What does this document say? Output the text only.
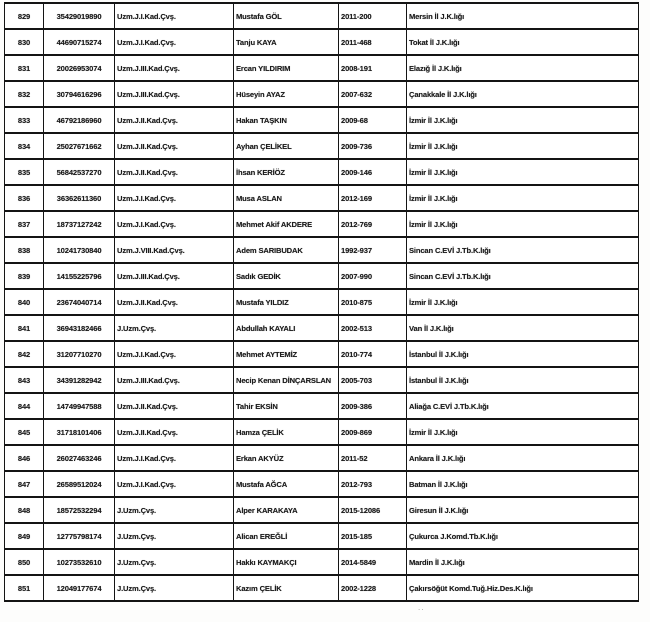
829	35429019890	Uzm.J.I.Kad.Çvş.	Mustafa GÖL	2011-200	Mersin İl J.K.lığı
830	44690715274	Uzm.J.I.Kad.Çvş.	Tanju KAYA	2011-468	Tokat İl J.K.lığı
831	20026953074	Uzm.J.III.Kad.Çvş.	Ercan YILDIRIM	2008-191	Elazığ İl J.K.lığı
832	30794616296	Uzm.J.III.Kad.Çvş.	Hüseyin AYAZ	2007-632	Çanakkale İl J.K.lığı
833	46792186960	Uzm.J.II.Kad.Çvş.	Hakan TAŞKIN	2009-68	İzmir İl J.K.lığı
834	25027671662	Uzm.J.II.Kad.Çvş.	Ayhan ÇELİKEL	2009-736	İzmir İl J.K.lığı
835	56842537270	Uzm.J.II.Kad.Çvş.	İhsan KERİÖZ	2009-146	İzmir İl J.K.lığı
836	36362611360	Uzm.J.I.Kad.Çvş.	Musa ASLAN	2012-169	İzmir İl J.K.lığı
837	18737127242	Uzm.J.I.Kad.Çvş.	Mehmet Akif AKDERE	2012-769	İzmir İl J.K.lığı
838	10241730840	Uzm.J.VIII.Kad.Çvş.	Adem SARIBUDAK	1992-937	Sincan C.EVİ J.Tb.K.lığı
839	14155225796	Uzm.J.III.Kad.Çvş.	Sadık GEDİK	2007-990	Sincan C.EVİ J.Tb.K.lığı
840	23674040714	Uzm.J.II.Kad.Çvş.	Mustafa YILDIZ	2010-875	İzmir İl J.K.lığı
841	36943182466	J.Uzm.Çvş.	Abdullah KAYALI	2002-513	Van İl J.K.lığı
842	31207710270	Uzm.J.I.Kad.Çvş.	Mehmet AYTEMİZ	2010-774	İstanbul İl J.K.lığı
843	34391282942	Uzm.J.III.Kad.Çvş.	Necip Kenan DİNÇARSLAN	2005-703	İstanbul İl J.K.lığı
844	14749947588	Uzm.J.II.Kad.Çvş.	Tahir EKSİN	2009-386	Aliağa C.EVİ J.Tb.K.lığı
845	31718101406	Uzm.J.II.Kad.Çvş.	Hamza ÇELİK	2009-869	İzmir İl J.K.lığı
846	26027463246	Uzm.J.I.Kad.Çvş.	Erkan AKYÜZ	2011-52	Ankara İl J.K.lığı
847	26589512024	Uzm.J.I.Kad.Çvş.	Mustafa AĞCA	2012-793	Batman İl J.K.lığı
848	18572532294	J.Uzm.Çvş.	Alper KARAKAYA	2015-12086	Giresun İl J.K.lığı
849	12775798174	J.Uzm.Çvş.	Alican EREĞLİ	2015-185	Çukurca J.Komd.Tb.K.lığı
850	10273532610	J.Uzm.Çvş.	Hakkı KAYMAKÇI	2014-5849	Mardin İl J.K.lığı
851	12049177674	J.Uzm.Çvş.	Kazım ÇELİK	2002-1228	Çakırsöğüt Komd.Tuğ.Hiz.Des.K.lığı
..
